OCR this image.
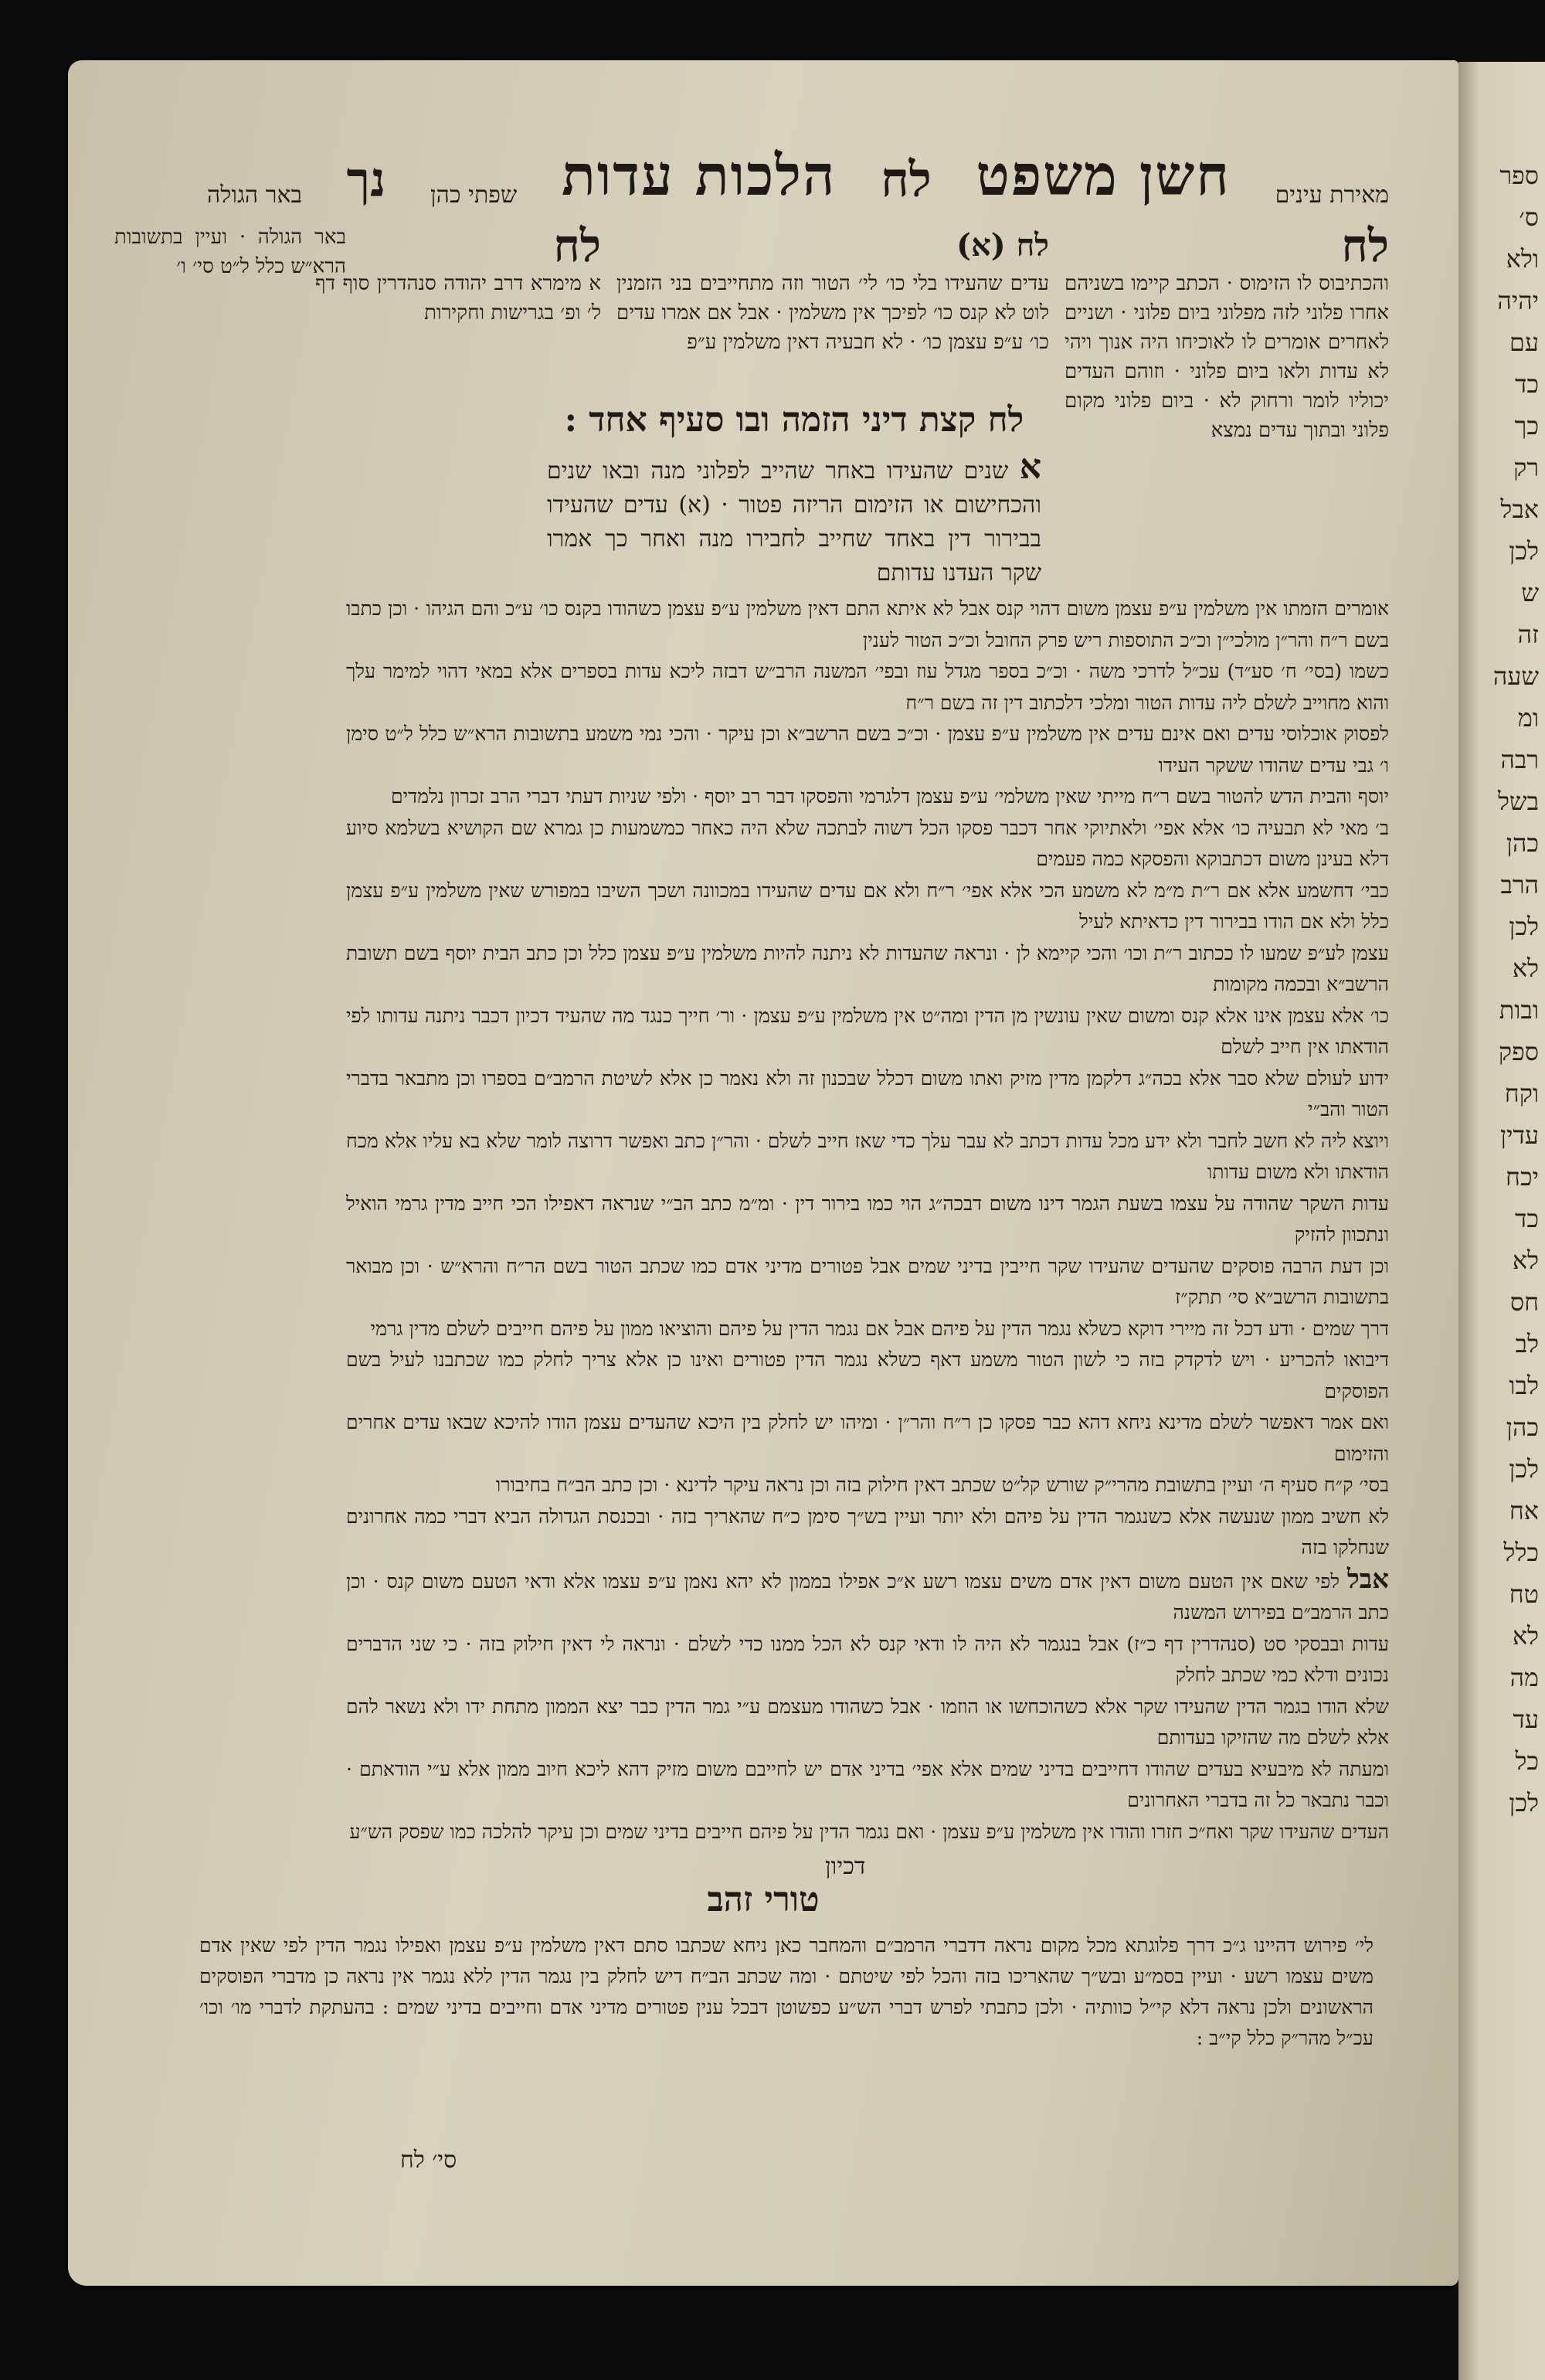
מאירת עינים
חשן משפט
לח
הלכות עדות
שפתי כהן
נך
באר הגולה
לח

והכתיבוס לו הזימוס · הכתב קיימו בשניהם אחרו פלוני לזה מפלוני ביום פלוני · ושניים לאחרים אומרים לו לאוכיחו היה אנוך ויהי לא עדות ולאו ביום פלוני · וזוהם העדים יכוליו לומר ורחוק לא · ביום פלוני מקום פלוני ובתוך עדים נמצא

לח (א)

עדים שהעידו בלי כו׳ לי׳ הטור וזה מתחייבים בני הזמנין לוט לא קנס כו׳ לפיכך אין משלמין · אבל אם אמרו עדים כו׳ ע״פ עצמן כו׳ · לא חבעיה דאין משלמין ע״פ

לח

א מימרא דרב יהודה סנהדרין סוף דף ל׳ ופ׳ בגרישות וחקירות

באר הגולה · ועיין בתשובות הרא״ש כלל ל״ט סי׳ ו׳

לח קצת דיני הזמה ובו סעיף אחד :
א שנים שהעידו באחר שהייב לפלוני מנה ובאו שנים והכחישום או הזימום הריזה פטור · (א) עדים שהעידו בבירור דין באחד שחייב לחבירו מנה ואחר כך אמרו שקר העדנו עדותם

אומרים הזמתו אין משלמין ע״פ עצמן משום דהוי קנס אבל לא איתא התם דאין משלמין ע״פ עצמן כשהודו בקנס כו׳ ע״כ והם הגיהו · וכן כתבו בשם ר״ח והר״ן מולכי״ן וכ״כ התוספות ריש פרק החובל וכ״כ הטור לענין

כשמו (בסי׳ ח׳ סע״ד) עכ״ל לדרכי משה · וכ״כ בספר מגדל עוז ובפי׳ המשנה הרב״ש דבזה ליכא עדות בספרים אלא במאי דהוי למימר עלך והוא מחוייב לשלם ליה עדות הטור ומלכי דלכתוב דין זה בשם ר״ח

לפסוק אוכלוסי עדים ואם אינם עדים אין משלמין ע״פ עצמן · וכ״כ בשם הרשב״א וכן עיקר · והכי נמי משמע בתשובות הרא״ש כלל ל״ט סימן ו׳ גבי עדים שהודו ששקר העידו

יוסף והבית הדש להטור בשם ר״ח מייתי שאין משלמי׳ ע״פ עצמן דלגרמי והפסקו דבר רב יוסף · ולפי שניות דעתי דברי הרב זכרון נלמדים

ב׳ מאי לא תבעיה כו׳ אלא אפי׳ ולאתיוקי אחר דכבר פסקו הכל דשוה לבתכה שלא היה כאחר כמשמעות כן גמרא שם הקושיא בשלמא סיוע דלא בעינן משום דכתבוקא והפסקא כמה פעמים

כבי׳ דחשמע אלא אם ר״ת מ״מ לא משמע הכי אלא אפי׳ ר״ח ולא אם עדים שהעידו במכוונה ושכך השיבו במפורש שאין משלמין ע״פ עצמן כלל ולא אם הודו בבירור דין כדאיתא לעיל

עצמן לע״פ שמעו לו ככתוב ר״ת וכו׳ והכי קיימא לן · ונראה שהעדות לא ניתנה להיות משלמין ע״פ עצמן כלל וכן כתב הבית יוסף בשם תשובת הרשב״א ובכמה מקומות

כו׳ אלא עצמן אינו אלא קנס ומשום שאין עונשין מן הדין ומה״ט אין משלמין ע״פ עצמן · ור׳ חייך כנגד מה שהעיד דכיון דכבר ניתנה עדותו לפי הודאתו אין חייב לשלם

ידוע לעולם שלא סבר אלא בכה״ג דלקמן מדין מזיק ואתו משום דכלל שבכנון זה ולא נאמר כן אלא לשיטת הרמב״ם בספרו וכן מתבאר בדברי הטור והב״י

ויוצא ליה לא חשב לחבר ולא ידע מכל עדות דכתב לא עבר עלך כדי שאז חייב לשלם · והר״ן כתב ואפשר דרוצה לומר שלא בא עליו אלא מכח הודאתו ולא משום עדותו

עדות השקר שהודה על עצמו בשעת הגמר דינו משום דבכה״ג הוי כמו בירור דין · ומ״מ כתב הב״י שנראה דאפילו הכי חייב מדין גרמי הואיל ונתכוון להזיק

וכן דעת הרבה פוסקים שהעדים שהעידו שקר חייבין בדיני שמים אבל פטורים מדיני אדם כמו שכתב הטור בשם הר״ח והרא״ש · וכן מבואר בתשובות הרשב״א סי׳ תתק״ז

דרך שמים · ודע דכל זה מיירי דוקא כשלא נגמר הדין על פיהם אבל אם נגמר הדין על פיהם והוציאו ממון על פיהם חייבים לשלם מדין גרמי

דיבואו להכריע · ויש לדקדק בזה כי לשון הטור משמע דאף כשלא נגמר הדין פטורים ואינו כן אלא צריך לחלק כמו שכתבנו לעיל בשם הפוסקים

ואם אמר דאפשר לשלם מדינא ניחא דהא כבר פסקו כן ר״ח והר״ן · ומיהו יש לחלק בין היכא שהעדים עצמן הודו להיכא שבאו עדים אחרים והזימום

בסי׳ ק״ח סעיף ה׳ ועיין בתשובת מהרי״ק שורש קל״ט שכתב דאין חילוק בזה וכן נראה עיקר לדינא · וכן כתב הב״ח בחיבורו

לא חשיב ממון שנעשה אלא כשנגמר הדין על פיהם ולא יותר ועיין בש״ך סימן כ״ח שהאריך בזה · ובכנסת הגדולה הביא דברי כמה אחרונים שנחלקו בזה

אבל לפי שאם אין הטעם משום דאין אדם משים עצמו רשע א״כ אפילו בממון לא יהא נאמן ע״פ עצמו אלא ודאי הטעם משום קנס · וכן כתב הרמב״ם בפירוש המשנה

עדות ובבסקי סט (סנהדרין דף כ״ז) אבל בנגמר לא היה לו ודאי קנס לא הכל ממנו כדי לשלם · ונראה לי דאין חילוק בזה · כי שני הדברים נכונים ודלא כמי שכתב לחלק

שלא הודו בגמר הדין שהעידו שקר אלא כשהוכחשו או הוזמו · אבל כשהודו מעצמם ע״י גמר הדין כבר יצא הממון מתחת ידו ולא נשאר להם אלא לשלם מה שהזיקו בעדותם

ומעתה לא מיבעיא בעדים שהודו דחייבים בדיני שמים אלא אפי׳ בדיני אדם יש לחייבם משום מזיק דהא ליכא חיוב ממון אלא ע״י הודאתם · וכבר נתבאר כל זה בדברי האחרונים

העדים שהעידו שקר ואח״כ חזרו והודו אין משלמין ע״פ עצמן · ואם נגמר הדין על פיהם חייבים בדיני שמים וכן עיקר להלכה כמו שפסק הש״ע

דכיון
טורי זהב
לי׳ פירוש דהיינו ג״כ דרך פלוגתא מכל מקום נראה דדברי הרמב״ם והמחבר כאן ניחא שכתבו סתם דאין משלמין ע״פ עצמן ואפילו נגמר הדין לפי שאין אדם משים עצמו רשע · ועיין בסמ״ע ובש״ך שהאריכו בזה והכל לפי שיטתם · ומה שכתב הב״ח דיש לחלק בין נגמר הדין ללא נגמר אין נראה כן מדברי הפוסקים הראשונים ולכן נראה דלא קי״ל כוותיה · ולכן כתבתי לפרש דברי הש״ע כפשוטן דבכל ענין פטורים מדיני אדם וחייבים בדיני שמים : בהעתקת לדברי מו׳ וכו׳ עכ״ל מהר״ק כלל קי״ב :
סי׳ לח
ספר
ס׳
ולא
יהיה
עם
כד
כך
רק
אבל
לכן
ש
זה
שעה
ומ
רבה
בשל
כהן
הרב
לכן
לא
ובות
ספק
וקח
עדין
יכח
כד
לא
חס
לב
לבו
כהן
לכן
אח
כלל
טח
לא
מה
עד
כל
לכן
